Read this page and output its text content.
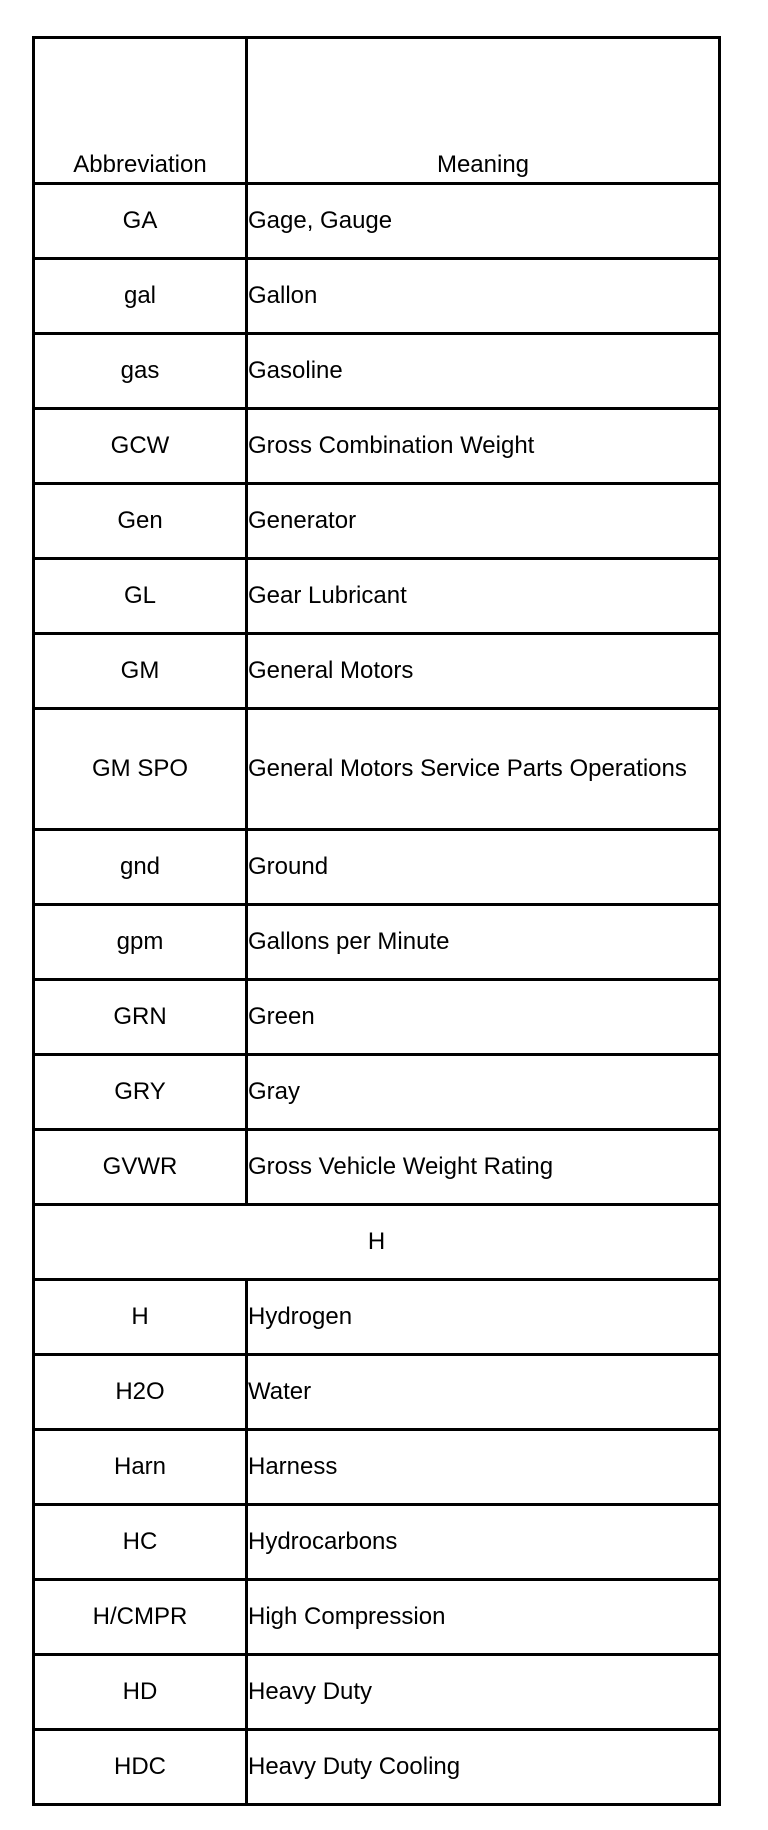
Abbreviation	Meaning
GA	Gage, Gauge
gal	Gallon
gas	Gasoline
GCW	Gross Combination Weight
Gen	Generator
GL	Gear Lubricant
GM	General Motors
GM SPO	General Motors Service Parts Operations
gnd	Ground
gpm	Gallons per Minute
GRN	Green
GRY	Gray
GVWR	Gross Vehicle Weight Rating
H	
H	Hydrogen
H2O	Water
Harn	Harness
HC	Hydrocarbons
H/CMPR	High Compression
HD	Heavy Duty
HDC	Heavy Duty Cooling
